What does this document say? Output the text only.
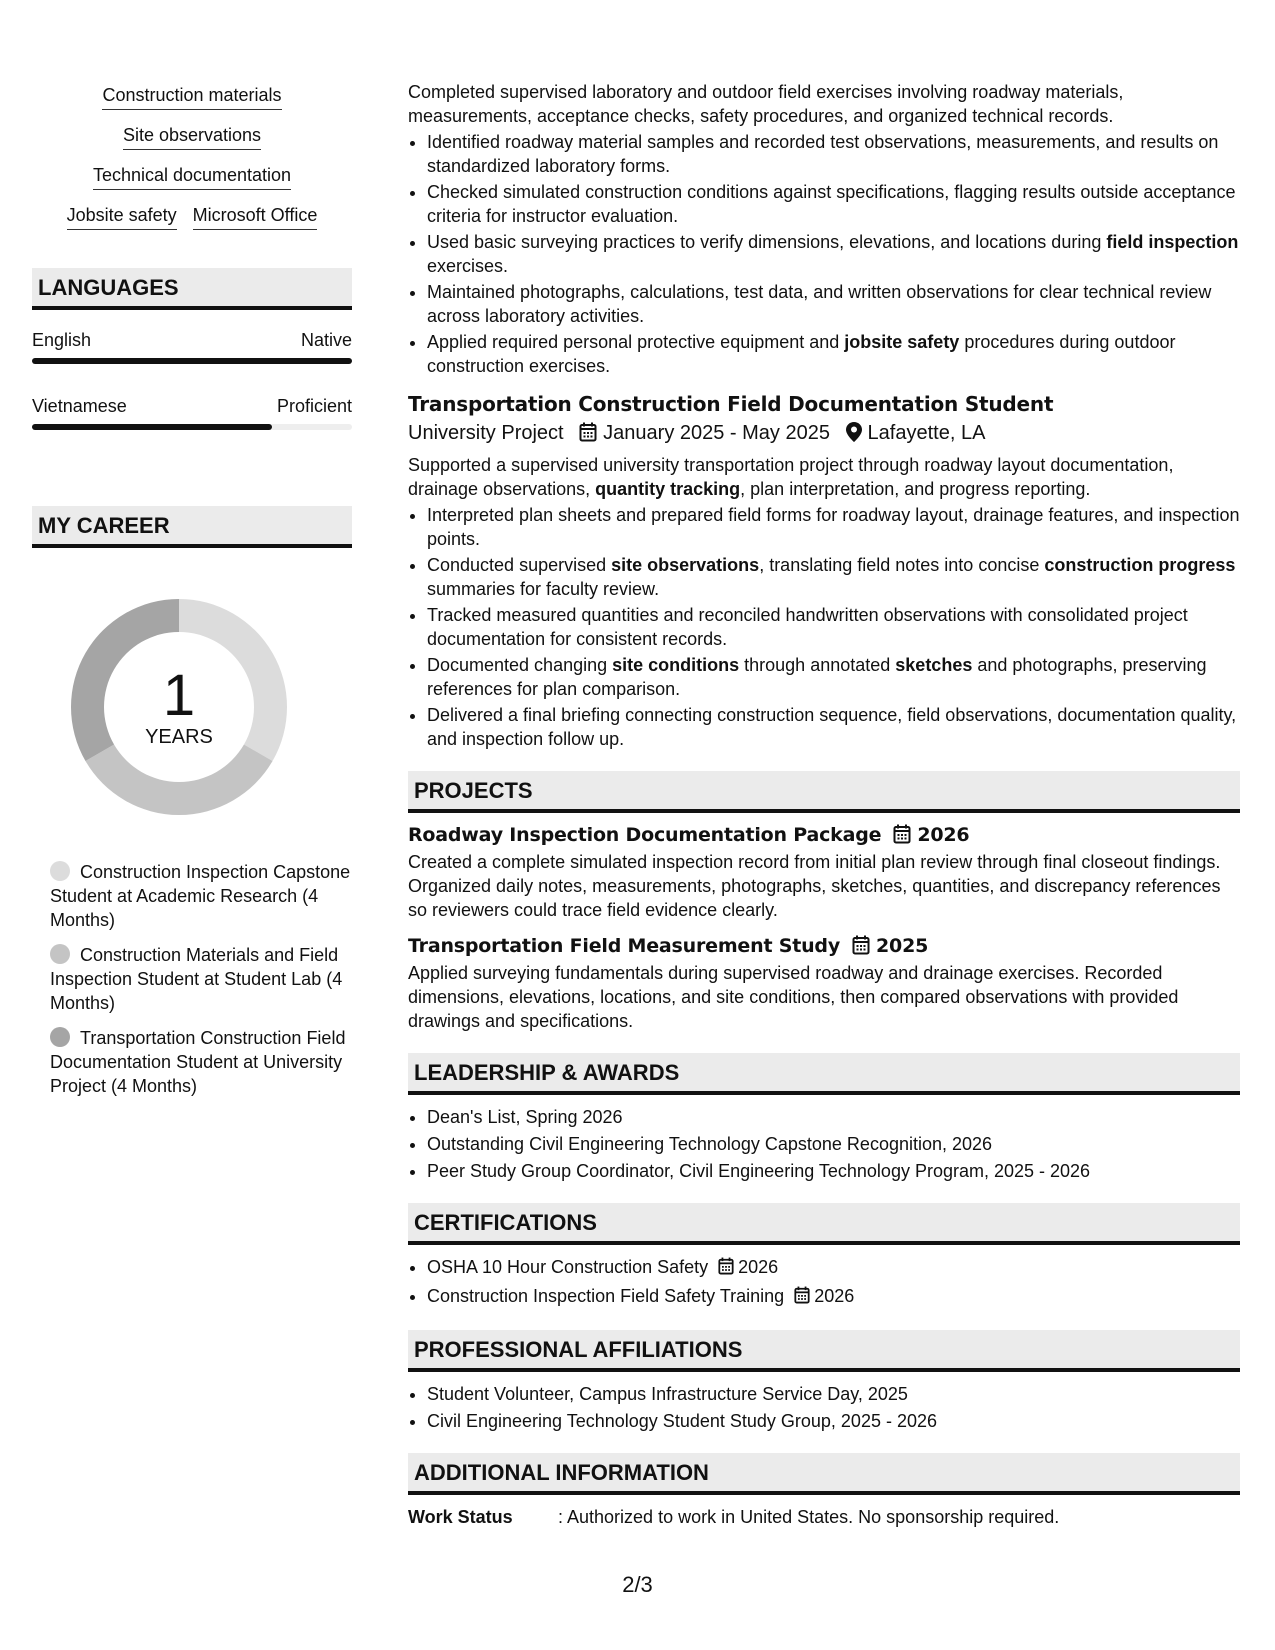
Construction materials
Site observations
Technical documentation
Jobsite safety Microsoft Office
LANGUAGES
English	Native
Vietnamese	Proficient
MY CAREER
1
YEARS
Construction Inspection Capstone Student at Academic Research (4 Months)
Construction Materials and Field Inspection Student at Student Lab (4 Months)
Transportation Construction Field Documentation Student at University Project (4 Months)

Completed supervised laboratory and outdoor field exercises involving roadway materials, measurements, acceptance checks, safety procedures, and organized technical records.

• Identified roadway material samples and recorded test observations, measurements, and results on standardized laboratory forms.
• Checked simulated construction conditions against specifications, flagging results outside acceptance criteria for instructor evaluation.
• Used basic surveying practices to verify dimensions, elevations, and locations during field inspection exercises.
• Maintained photographs, calculations, test data, and written observations for clear technical review across laboratory activities.
• Applied required personal protective equipment and jobsite safety procedures during outdoor construction exercises.
Transportation Construction Field Documentation Student
University Project January 2025 - May 2025 Lafayette, LA

Supported a supervised university transportation project through roadway layout documentation, drainage observations, quantity tracking, plan interpretation, and progress reporting.

• Interpreted plan sheets and prepared field forms for roadway layout, drainage features, and inspection points.
• Conducted supervised site observations, translating field notes into concise construction progress summaries for faculty review.
• Tracked measured quantities and reconciled handwritten observations with consolidated project documentation for consistent records.
• Documented changing site conditions through annotated sketches and photographs, preserving references for plan comparison.
• Delivered a final briefing connecting construction sequence, field observations, documentation quality, and inspection follow up.
PROJECTS
Roadway Inspection Documentation Package 2026

Created a complete simulated inspection record from initial plan review through final closeout findings. Organized daily notes, measurements, photographs, sketches, quantities, and discrepancy references so reviewers could trace field evidence clearly.

Transportation Field Measurement Study 2025

Applied surveying fundamentals during supervised roadway and drainage exercises. Recorded dimensions, elevations, locations, and site conditions, then compared observations with provided drawings and specifications.

LEADERSHIP & AWARDS
• Dean's List, Spring 2026
• Outstanding Civil Engineering Technology Capstone Recognition, 2026
• Peer Study Group Coordinator, Civil Engineering Technology Program, 2025 - 2026
CERTIFICATIONS
• OSHA 10 Hour Construction Safety 2026
• Construction Inspection Field Safety Training 2026
PROFESSIONAL AFFILIATIONS
• Student Volunteer, Campus Infrastructure Service Day, 2025
• Civil Engineering Technology Student Study Group, 2025 - 2026
ADDITIONAL INFORMATION
Work Status	: Authorized to work in United States. No sponsorship required.
2/3
